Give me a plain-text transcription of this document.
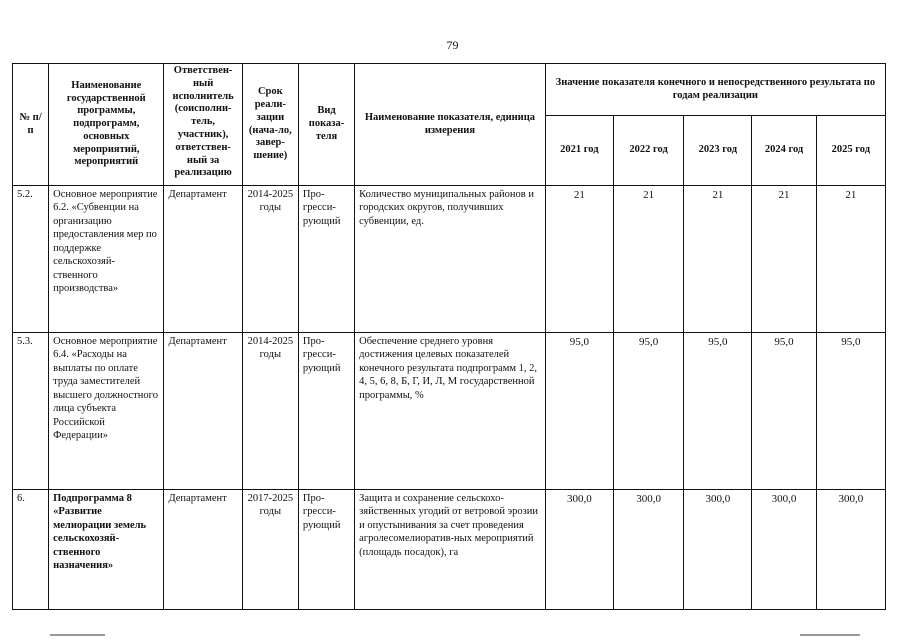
79
№ п/п	Наименование государственной программы, подпрограмм, основных мероприятий, мероприятий	Ответствен-ный исполнитель (соисполни-тель, участник), ответствен-ный за реализацию	Срок реали-зации (нача-ло, завер-шение)	Вид показа-теля	Наименование показателя, единица измерения	Значение показателя конечного и непосредственного результата по годам реализации				
						2021 год	2022 год	2023 год	2024 год	2025 год
5.2.	Основное мероприятие 6.2. «Субвенции на организацию предоставления мер по поддержке сельскохозяй-ственного производства»	Департамент	2014-2025 годы	Про-гресси-рующий	Количество муниципальных районов и городских округов, получивших субвенции, ед.	21	21	21	21	21
5.3.	Основное мероприятие 6.4. «Расходы на выплаты по оплате труда заместителей высшего должностного лица субъекта Российской Федерации»	Департамент	2014-2025 годы	Про-гресси-рующий	Обеспечение среднего уровня достижения целевых показателей конечного результата подпрограмм 1, 2, 4, 5, 6, 8, Б, Г, И, Л, М государственной программы, %	95,0	95,0	95,0	95,0	95,0
6.	Подпрограмма 8 «Развитие мелиорации земель сельскохозяй-ственного назначения»	Департамент	2017-2025 годы	Про-гресси-рующий	Защита и сохранение сельскохо-зяйственных угодий от ветровой эрозии и опустынивания за счет проведения агролесомелиоратив-ных мероприятий (площадь посадок), га	300,0	300,0	300,0	300,0	300,0
